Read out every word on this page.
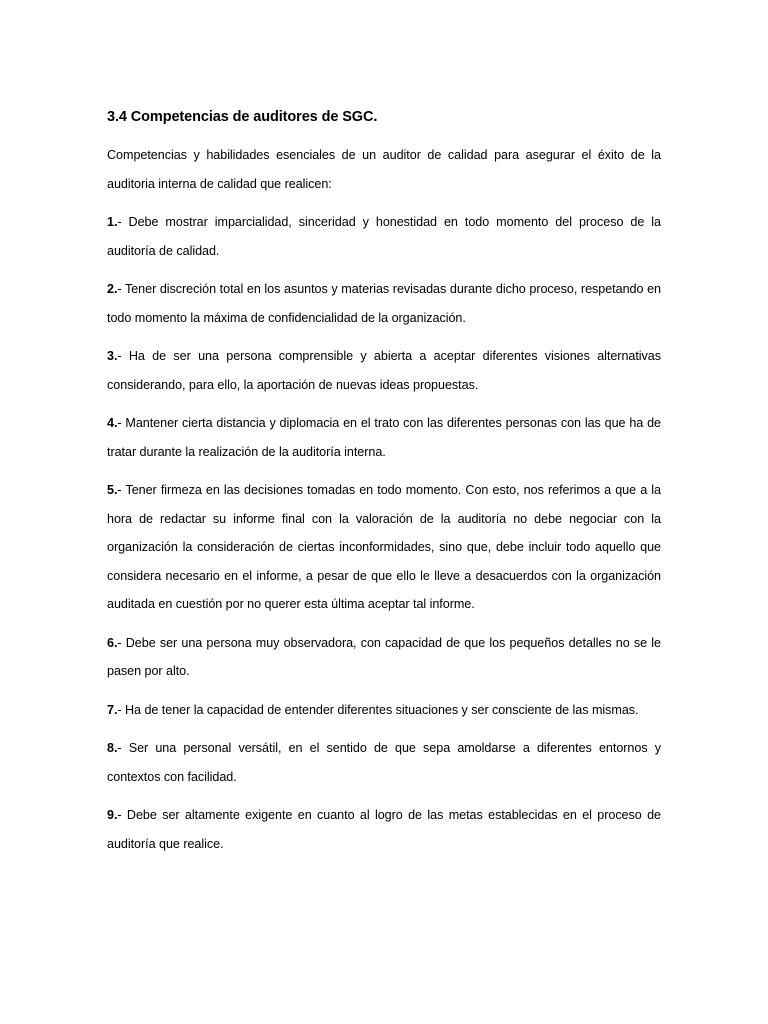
3.4 Competencias de auditores de SGC.

Competencias y habilidades esenciales de un auditor de calidad para asegurar el éxito de la auditoria interna de calidad que realicen:

1.- Debe mostrar imparcialidad, sinceridad y honestidad en todo momento del proceso de la auditoría de calidad.

2.- Tener discreción total en los asuntos y materias revisadas durante dicho proceso, respetando en todo momento la máxima de confidencialidad de la organización.

3.- Ha de ser una persona comprensible y abierta a aceptar diferentes visiones alternativas considerando, para ello, la aportación de nuevas ideas propuestas.

4.- Mantener cierta distancia y diplomacia en el trato con las diferentes personas con las que ha de tratar durante la realización de la auditoría interna.

5.- Tener firmeza en las decisiones tomadas en todo momento. Con esto, nos referimos a que a la hora de redactar su informe final con la valoración de la auditoría no debe negociar con la organización la consideración de ciertas inconformidades, sino que, debe incluir todo aquello que considera necesario en el informe, a pesar de que ello le lleve a desacuerdos con la organización auditada en cuestión por no querer esta última aceptar tal informe.

6.- Debe ser una persona muy observadora, con capacidad de que los pequeños detalles no se le pasen por alto.

7.- Ha de tener la capacidad de entender diferentes situaciones y ser consciente de las mismas.

8.- Ser una personal versátil, en el sentido de que sepa amoldarse a diferentes entornos y contextos con facilidad.

9.- Debe ser altamente exigente en cuanto al logro de las metas establecidas en el proceso de auditoría que realice.
